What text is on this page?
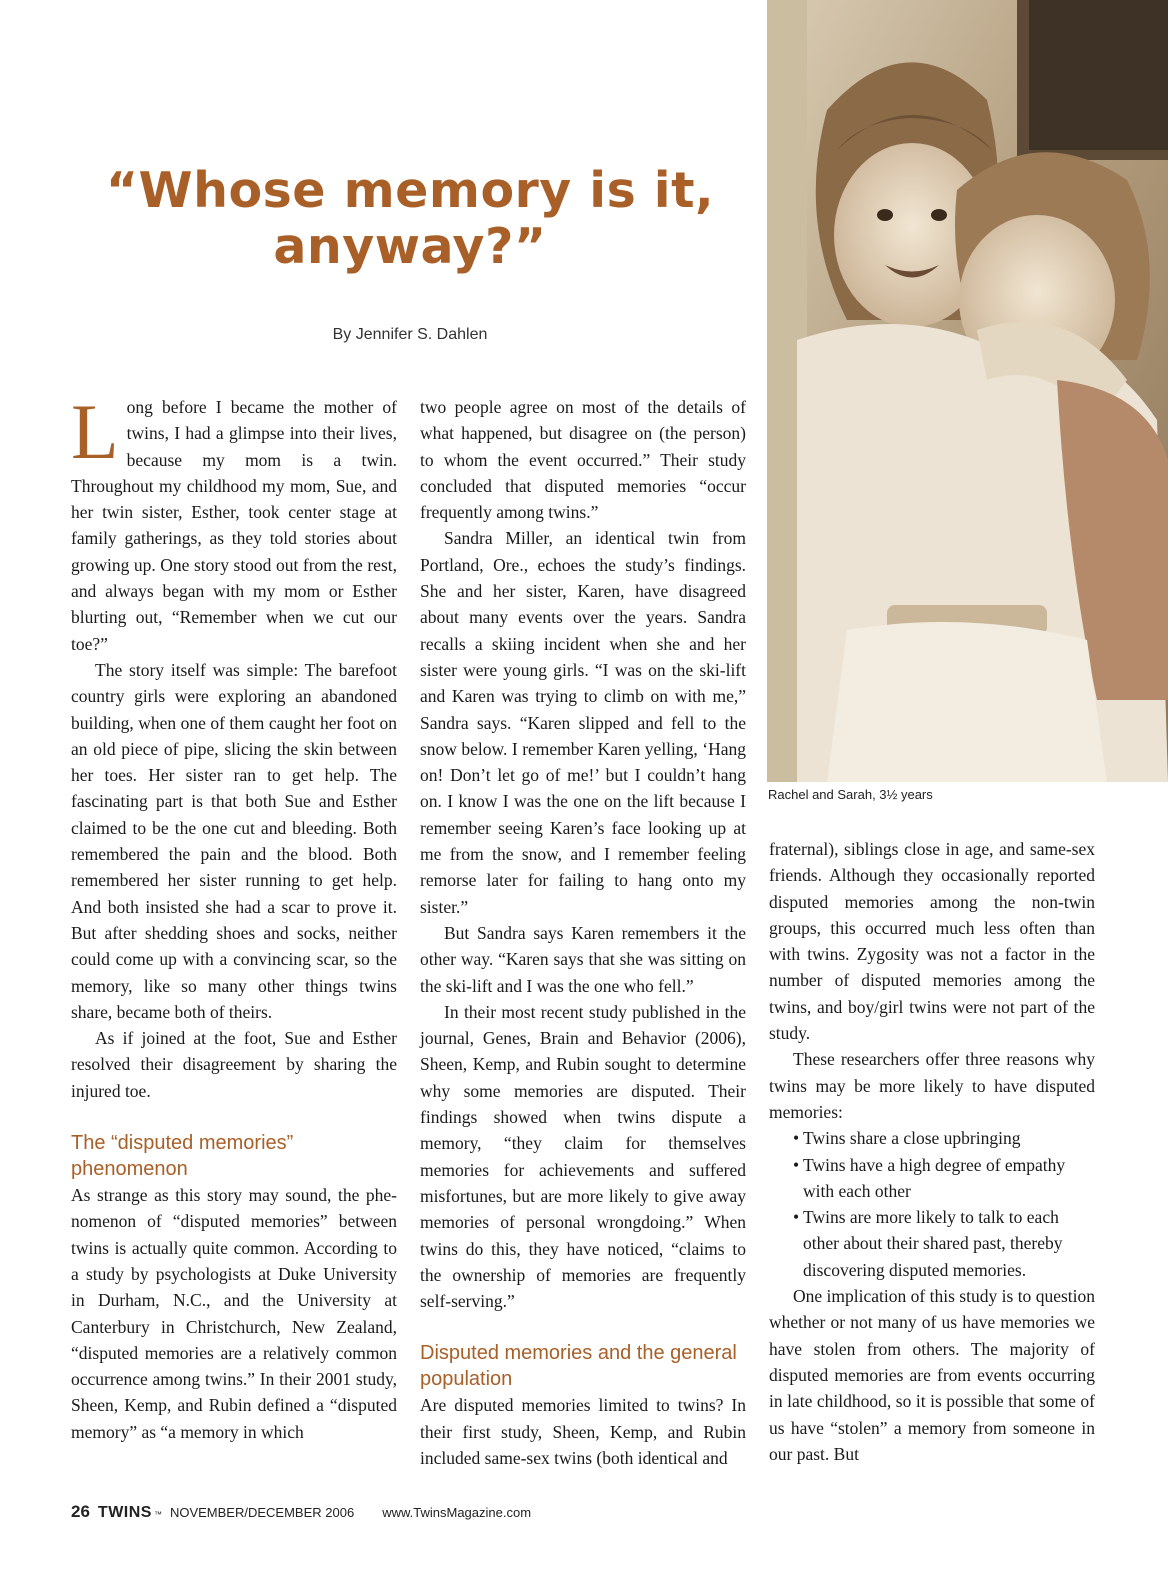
“Whose memory is it, anyway?”
By Jennifer S. Dahlen
Rachel and Sarah, 3½ years

Long before I became the mother of twins, I had a glimpse into their lives, because my mom is a twin. Throughout my childhood my mom, Sue, and her twin sister, Esther, took center stage at family gatherings, as they told stories about growing up. One story stood out from the rest, and always began with my mom or Esther blurting out, “Remember when we cut our toe?”

The story itself was simple: The barefoot country girls were exploring an abandoned building, when one of them caught her foot on an old piece of pipe, slicing the skin between her toes. Her sister ran to get help. The fascinating part is that both Sue and Esther claimed to be the one cut and bleeding. Both remembered the pain and the blood. Both remembered her sister running to get help. And both insisted she had a scar to prove it. But after shedding shoes and socks, neither could come up with a convincing scar, so the memory, like so many other things twins share, became both of theirs.

As if joined at the foot, Sue and Esther resolved their disagreement by sharing the injured toe.

The “disputed memories” phenomenon

As strange as this story may sound, the phenomenon of “disputed memories” between twins is actually quite common. According to a study by psychologists at Duke University in Durham, N.C., and the University at Canterbury in Christchurch, New Zealand, “disputed memories are a relatively common occurrence among twins.” In their 2001 study, Sheen, Kemp, and Rubin defined a “disputed memory” as “a memory in which

two people agree on most of the details of what happened, but disagree on (the person) to whom the event occurred.” Their study concluded that disputed memories “occur frequently among twins.”

Sandra Miller, an identical twin from Portland, Ore., echoes the study’s findings. She and her sister, Karen, have disagreed about many events over the years. Sandra recalls a skiing incident when she and her sister were young girls. “I was on the ski-lift and Karen was trying to climb on with me,” Sandra says. “Karen slipped and fell to the snow below. I remember Karen yelling, ‘Hang on! Don’t let go of me!’ but I couldn’t hang on. I know I was the one on the lift because I remember seeing Karen’s face looking up at me from the snow, and I remember feeling remorse later for failing to hang onto my sister.”

But Sandra says Karen remembers it the other way. “Karen says that she was sitting on the ski-lift and I was the one who fell.”

In their most recent study published in the journal, Genes, Brain and Behavior (2006), Sheen, Kemp, and Rubin sought to determine why some memories are disputed. Their findings showed when twins dispute a memory, “they claim for themselves memories for achievements and suffered misfortunes, but are more likely to give away memories of personal wrongdoing.” When twins do this, they have noticed, “claims to the ownership of memories are frequently self-serving.”

Disputed memories and the general population

Are disputed memories limited to twins? In their first study, Sheen, Kemp, and Rubin included same-sex twins (both identical and

fraternal), siblings close in age, and same-sex friends. Although they occasionally reported disputed memories among the non-twin groups, this occurred much less often than with twins. Zygosity was not a factor in the number of disputed memories among the twins, and boy/girl twins were not part of the study.

These researchers offer three reasons why twins may be more likely to have disputed memories:

• Twins share a close upbringing
• Twins have a high degree of empathy with each other
• Twins are more likely to talk to each other about their shared past, thereby discovering disputed memories.

One implication of this study is to question whether or not many of us have memories we have stolen from others. The majority of disputed memories are from events occurring in late childhood, so it is possible that some of us have “stolen” a memory from someone in our past. But

26 TWINS ™ NOVEMBER/DECEMBER 2006 www.TwinsMagazine.com
